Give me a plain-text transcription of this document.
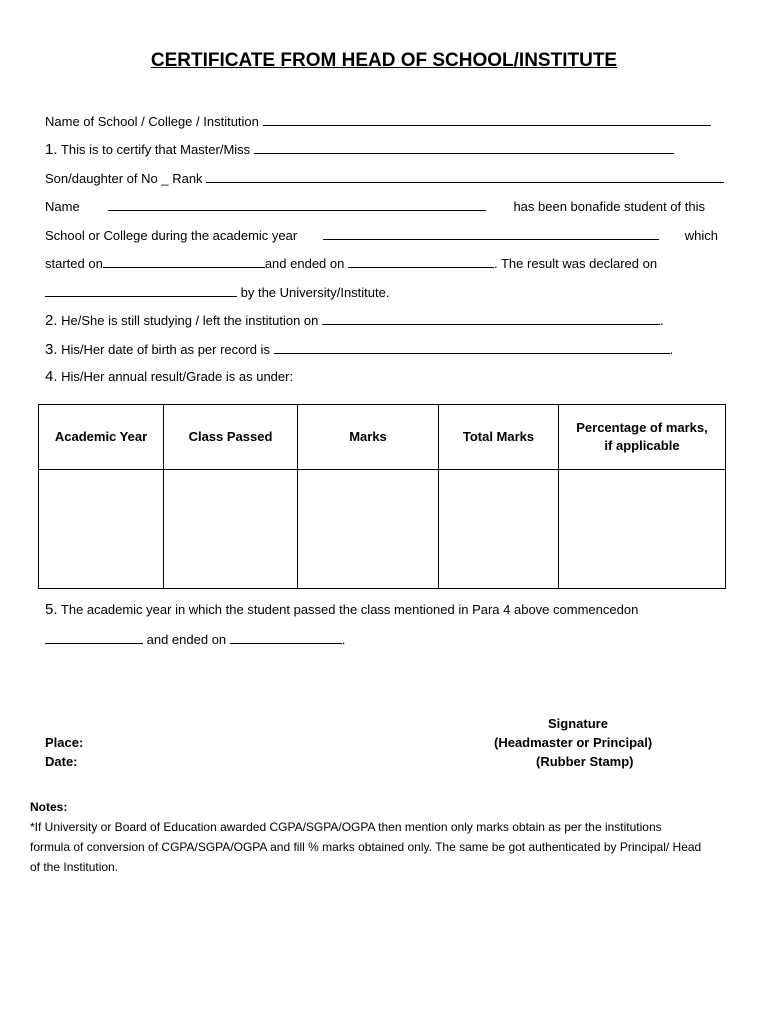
CERTIFICATE FROM HEAD OF SCHOOL/INSTITUTE
Name of School / College / Institution
1. This is to certify that Master/Miss
Son/daughter of No _ Rank
Name	has been bonafide student of this
School or College during the academic year	which
started on	and ended on	. The result was declared on
by the University/Institute.
2. He/She is still studying / left the institution on	.
3. His/Her date of birth as per record is	.
4. His/Her annual result/Grade is as under:
Academic Year	Class Passed	Marks	Total Marks	Percentage of marks,
if applicable

5. The academic year in which the student passed the class mentioned in Para 4 above commencedon
and ended on	.
Signature
(Headmaster or Principal)
(Rubber Stamp)
Place:
Date:
Notes:
*If University or Board of Education awarded CGPA/SGPA/OGPA then mention only marks obtain as per the institutions
formula of conversion of CGPA/SGPA/OGPA and fill % marks obtained only. The same be got authenticated by Principal/ Head
of the Institution.
